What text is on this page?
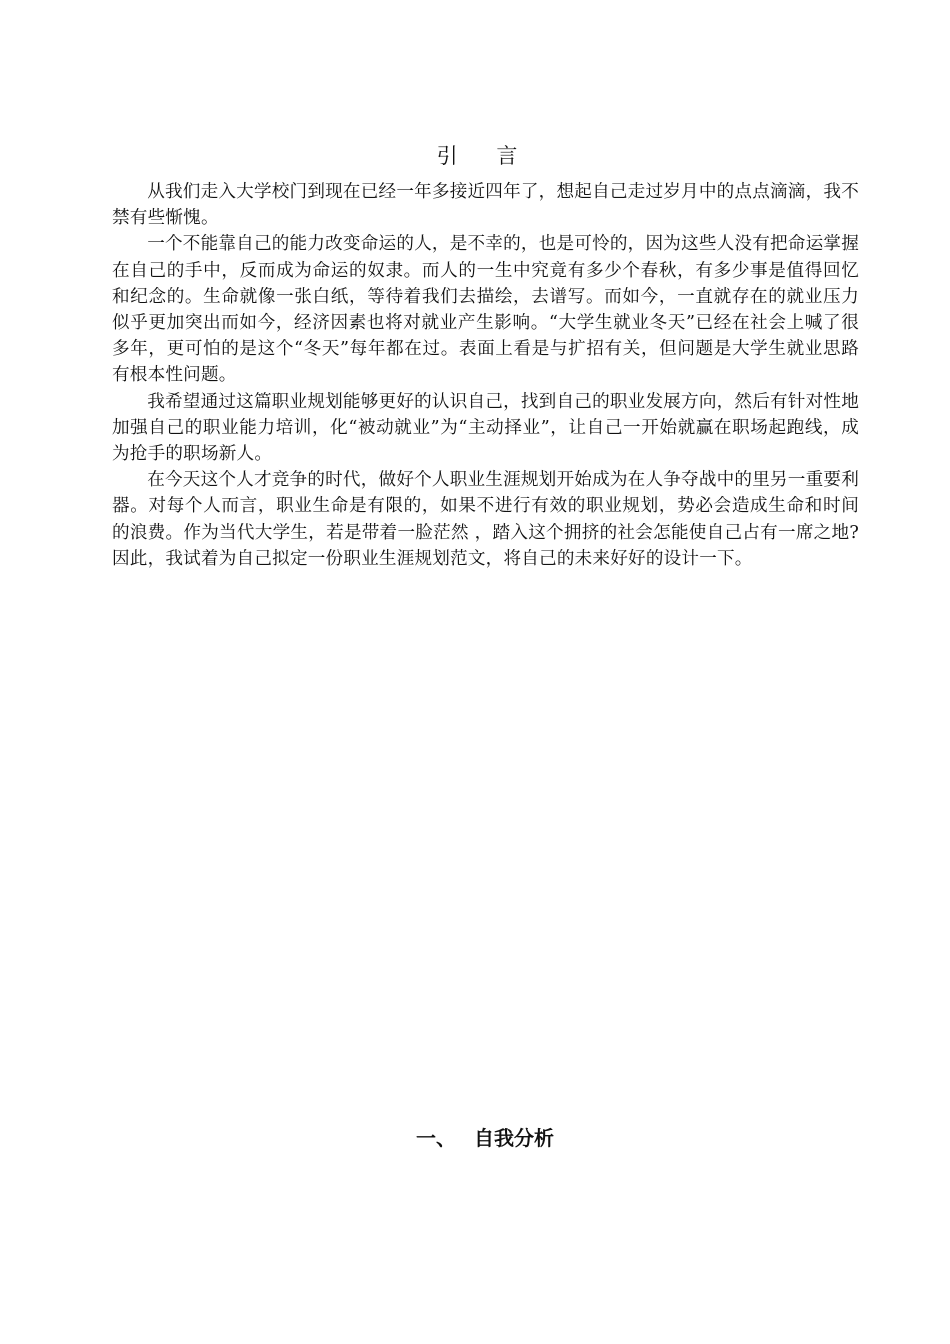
引 言

从我们走入大学校门到现在已经一年多接近四年了，想起自己走过岁月中的点点滴滴，我不禁有些惭愧。

一个不能靠自己的能力改变命运的人，是不幸的，也是可怜的，因为这些人没有把命运掌握在自己的手中，反而成为命运的奴隶。而人的一生中究竟有多少个春秋，有多少事是值得回忆和纪念的。生命就像一张白纸，等待着我们去描绘，去谱写。而如今，一直就存在的就业压力似乎更加突出而如今，经济因素也将对就业产生影响。“大学生就业冬天”已经在社会上喊了很多年，更可怕的是这个“冬天”每年都在过。表面上看是与扩招有关，但问题是大学生就业思路有根本性问题。

我希望通过这篇职业规划能够更好的认识自己，找到自己的职业发展方向，然后有针对性地加强自己的职业能力培训，化“被动就业”为“主动择业”，让自己一开始就赢在职场起跑线，成为抢手的职场新人。

在今天这个人才竞争的时代，做好个人职业生涯规划开始成为在人争夺战中的里另一重要利器。对每个人而言，职业生命是有限的，如果不进行有效的职业规划，势必会造成生命和时间的浪费。作为当代大学生，若是带着一脸茫然 ，踏入这个拥挤的社会怎能使自己占有一席之地?因此，我试着为自己拟定一份职业生涯规划范文，将自己的未来好好的设计一下。

一、 自我分析
